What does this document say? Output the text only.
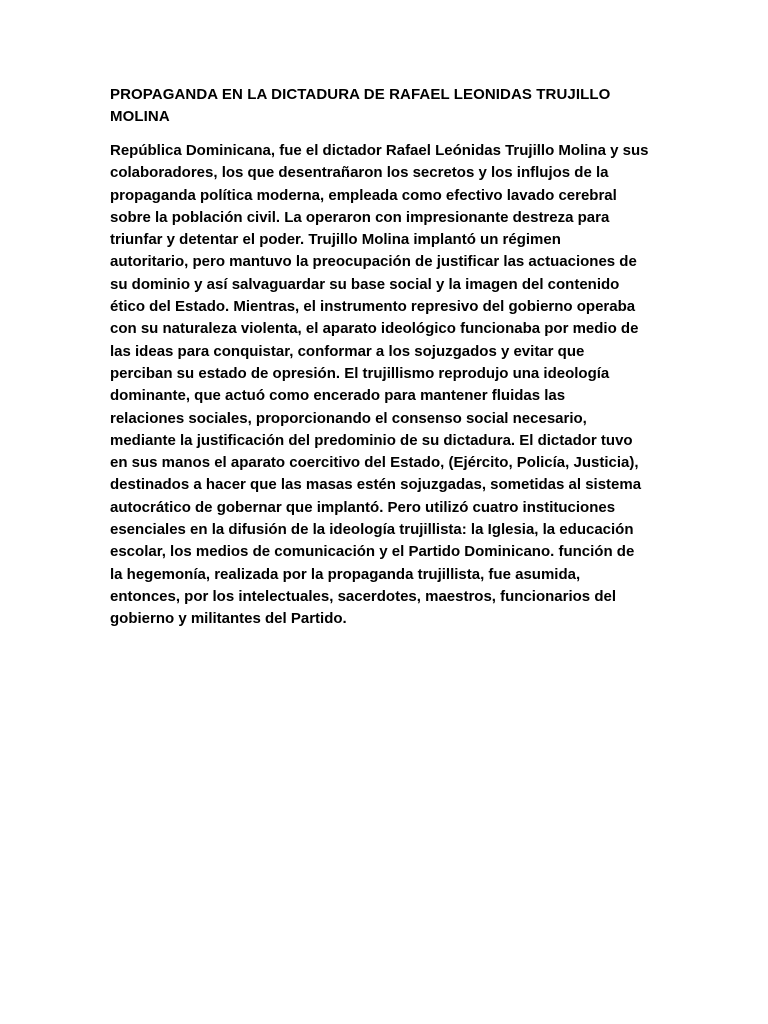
PROPAGANDA EN LA DICTADURA DE RAFAEL LEONIDAS TRUJILLO
MOLINA

República Dominicana, fue el dictador Rafael Leónidas Trujillo Molina y sus
colaboradores, los que desentrañaron los secretos y los influjos de la
propaganda política moderna, empleada como efectivo lavado cerebral
sobre la población civil. La operaron con impresionante destreza para
triunfar y detentar el poder. Trujillo Molina implantó un régimen
autoritario, pero mantuvo la preocupación de justificar las actuaciones de
su dominio y así salvaguardar su base social y la imagen del contenido
ético del Estado. Mientras, el instrumento represivo del gobierno operaba
con su naturaleza violenta, el aparato ideológico funcionaba por medio de
las ideas para conquistar, conformar a los sojuzgados y evitar que
perciban su estado de opresión. El trujillismo reprodujo una ideología
dominante, que actuó como encerado para mantener fluidas las
relaciones sociales, proporcionando el consenso social necesario,
mediante la justificación del predominio de su dictadura. El dictador tuvo
en sus manos el aparato coercitivo del Estado, (Ejército, Policía, Justicia),
destinados a hacer que las masas estén sojuzgadas, sometidas al sistema
autocrático de gobernar que implantó. Pero utilizó cuatro instituciones
esenciales en la difusión de la ideología trujillista: la Iglesia, la educación
escolar, los medios de comunicación y el Partido Dominicano. función de
la hegemonía, realizada por la propaganda trujillista, fue asumida,
entonces, por los intelectuales, sacerdotes, maestros, funcionarios del
gobierno y militantes del Partido.
